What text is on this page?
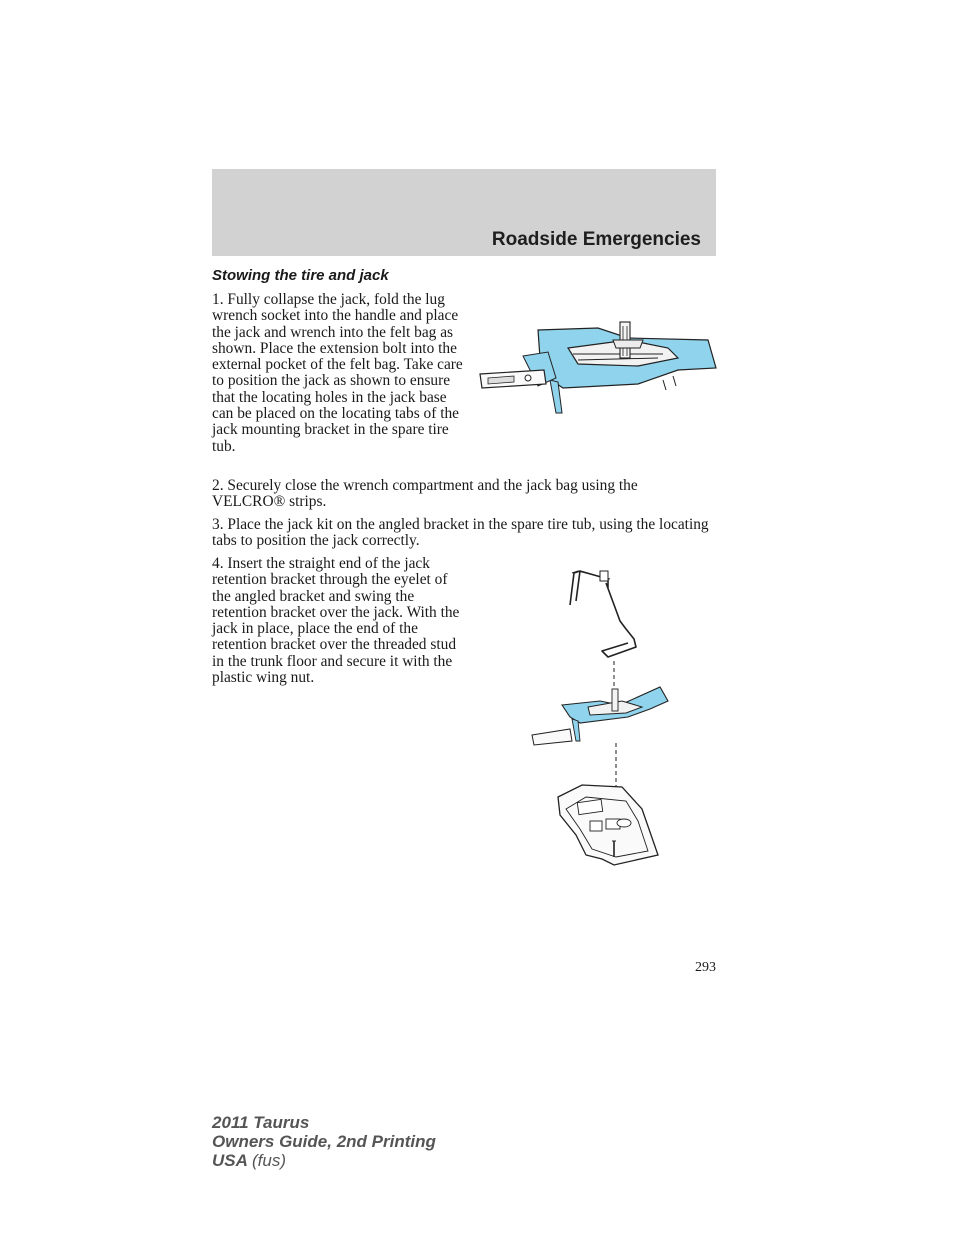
Roadside Emergencies
Stowing the tire and jack

1. Fully collapse the jack, fold the lug wrench socket into the handle and place the jack and wrench into the felt bag as shown. Place the extension bolt into the external pocket of the felt bag. Take care to position the jack as shown to ensure that the locating holes in the jack base can be placed on the locating tabs of the jack mounting bracket in the spare tire tub.

2. Securely close the wrench compartment and the jack bag using the VELCRO® strips.

3. Place the jack kit on the angled bracket in the spare tire tub, using the locating tabs to position the jack correctly.

4. Insert the straight end of the jack retention bracket through the eyelet of the angled bracket and swing the retention bracket over the jack. With the jack in place, place the end of the retention bracket over the threaded stud in the trunk floor and secure it with the plastic wing nut.

293
2011 Taurus
Owners Guide, 2nd Printing
USA (fus)
